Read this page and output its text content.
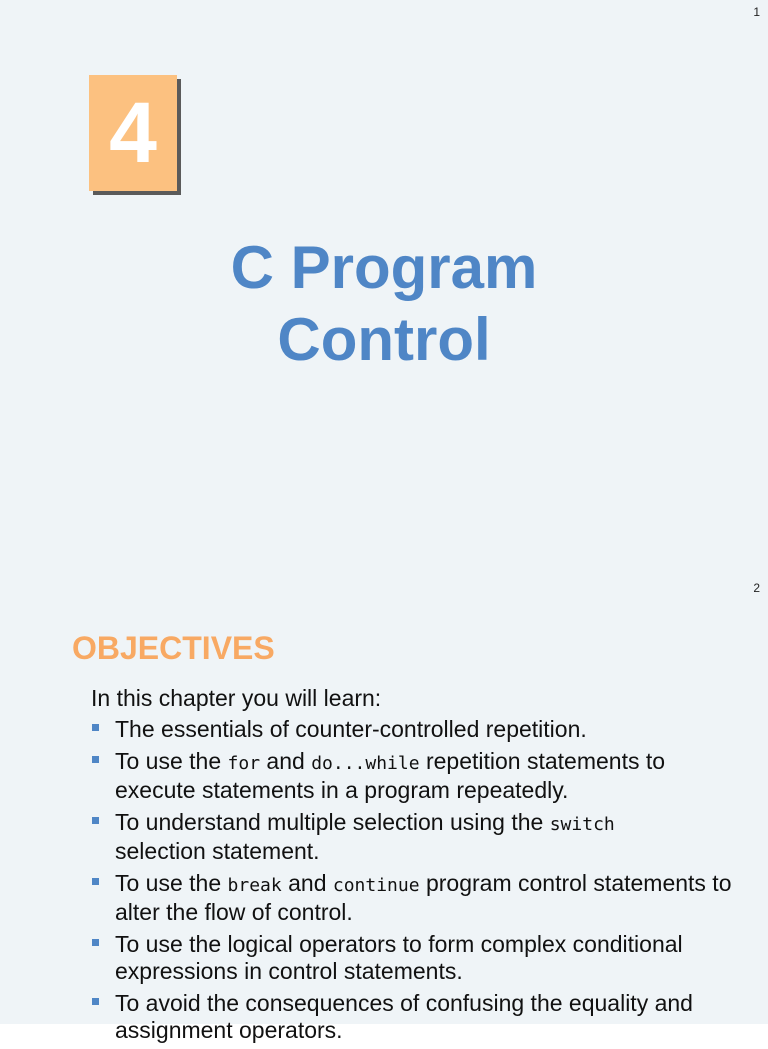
1
4
C Program
Control
2
OBJECTIVES
In this chapter you will learn:
The essentials of counter-controlled repetition.
To use the for and do...while repetition statements to execute statements in a program repeatedly.
To understand multiple selection using the switch
selection statement.
To use the break and continue program control statements to alter the flow of control.
To use the logical operators to form complex conditional expressions in control statements.
To avoid the consequences of confusing the equality and assignment operators.
